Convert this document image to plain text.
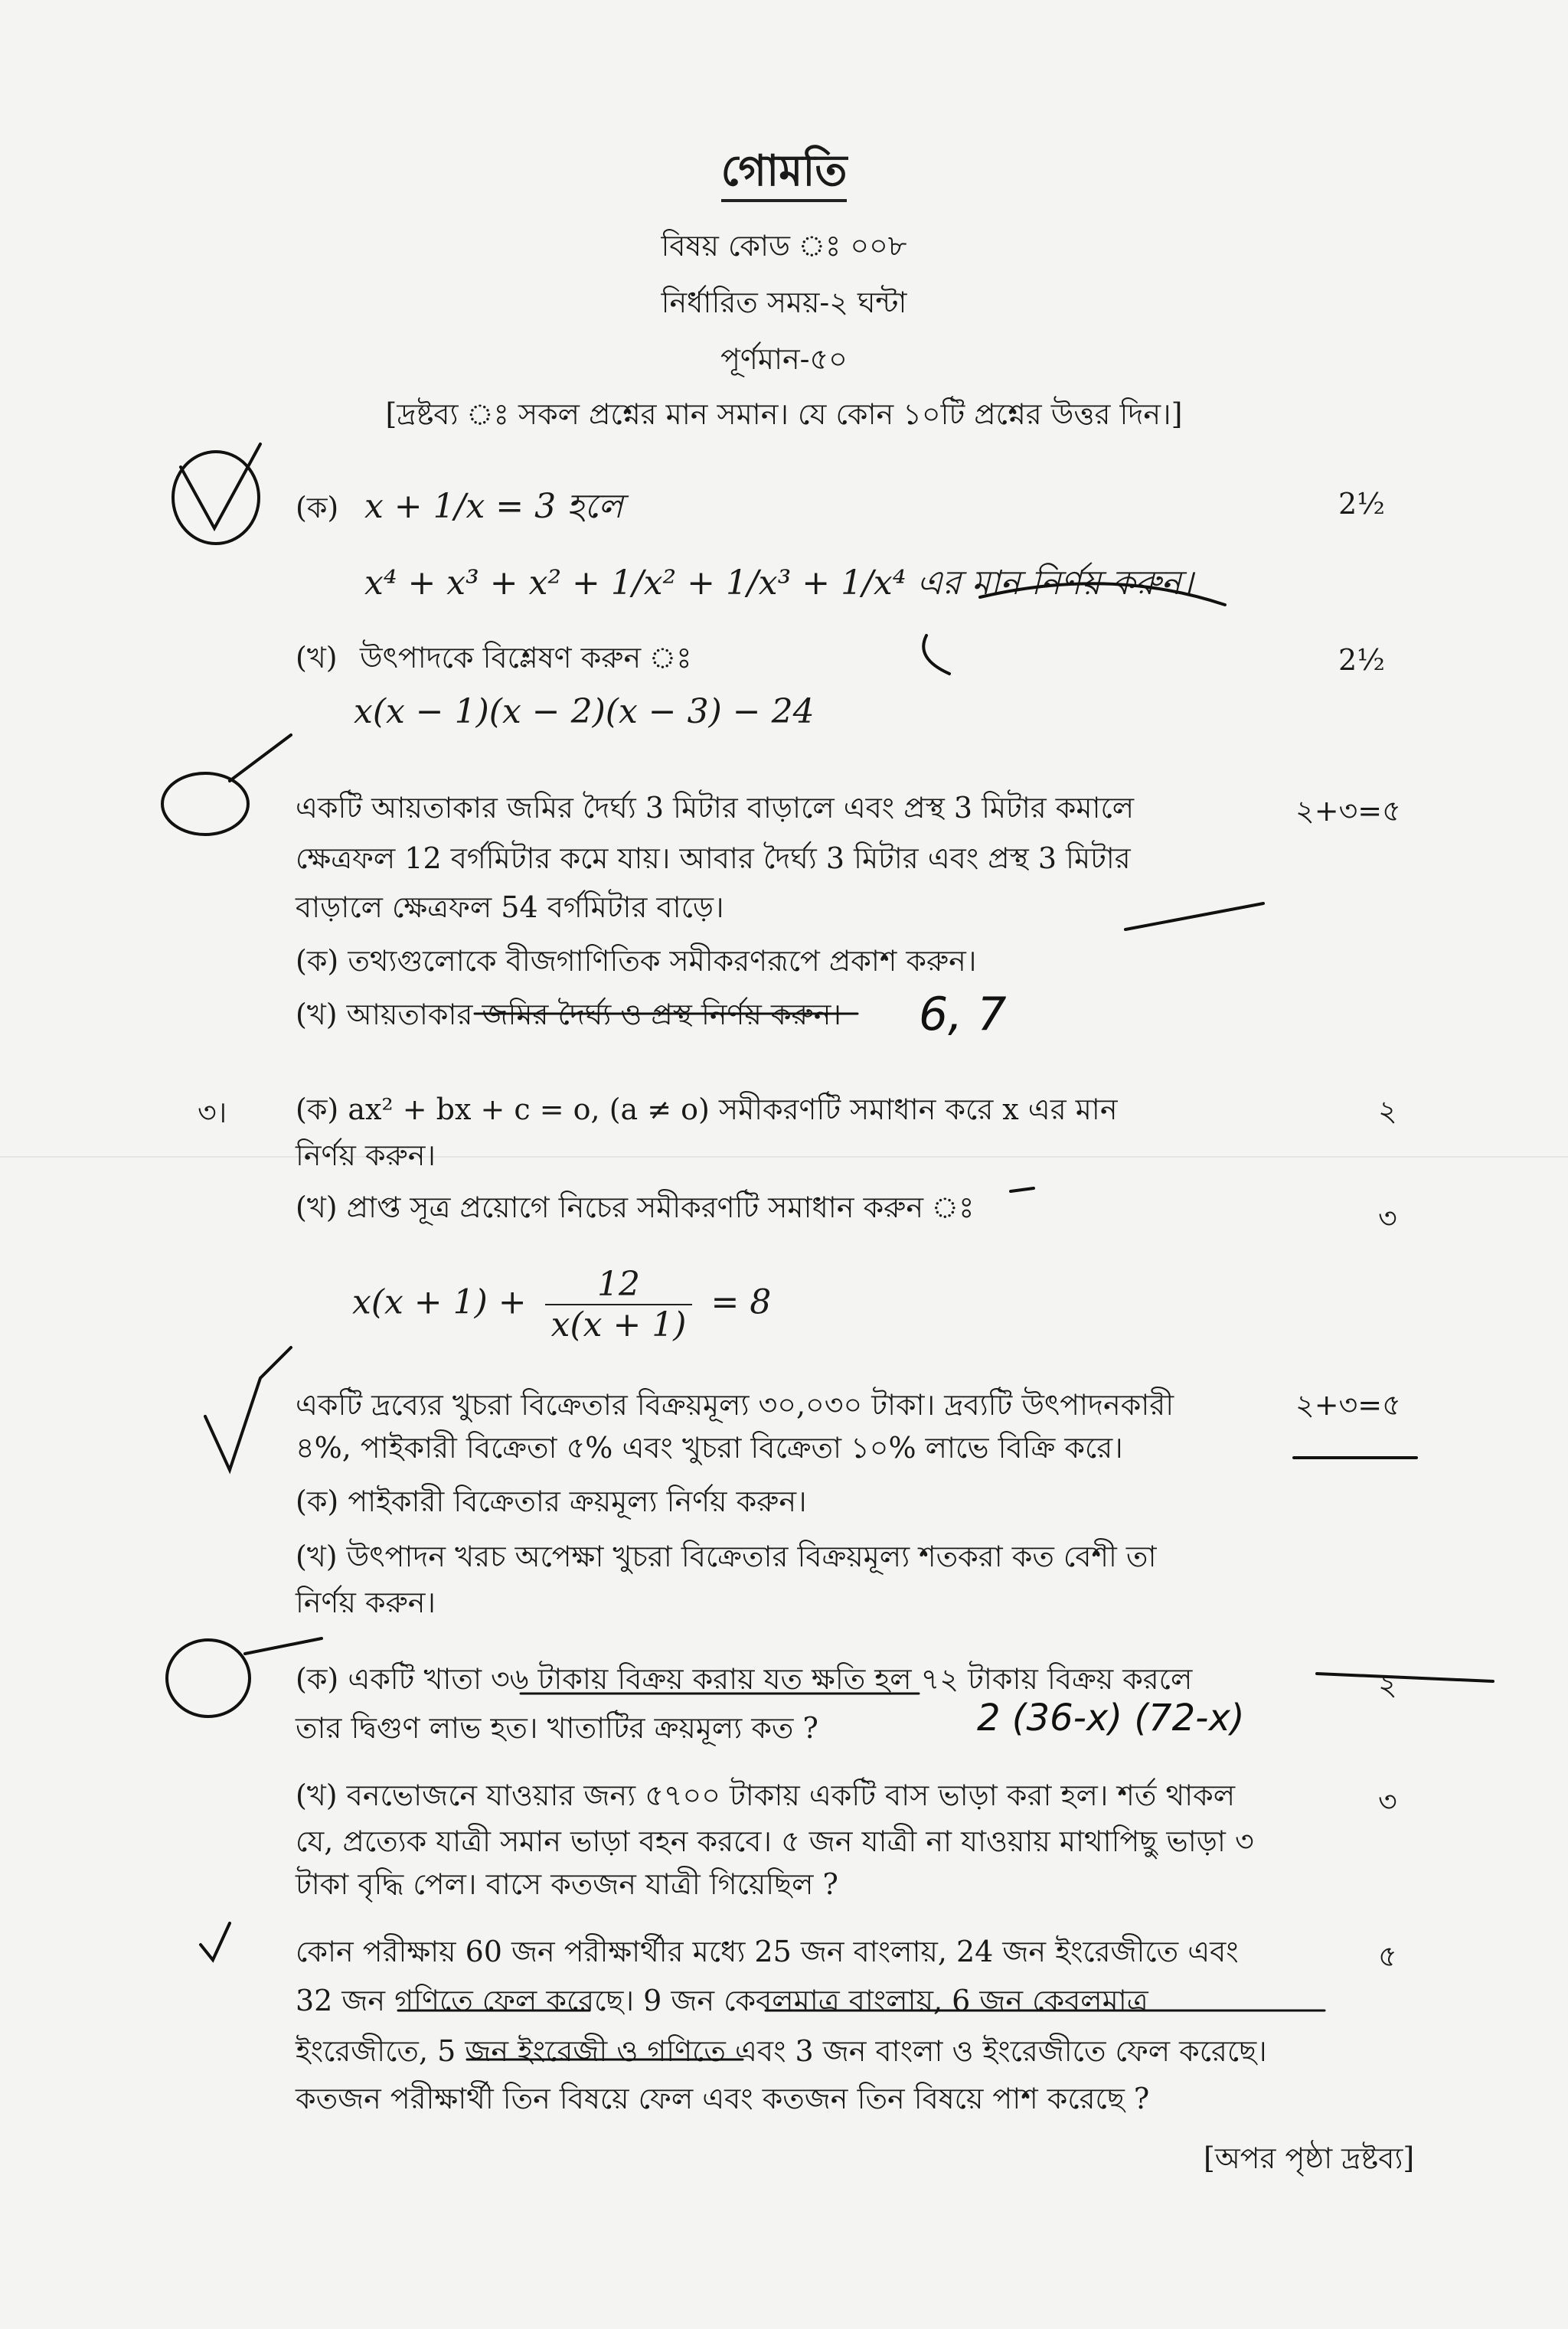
গোমতি
বিষয় কোড ঃ ০০৮
নির্ধারিত সময়-২ ঘন্টা
পূর্ণমান-৫০
[দ্রষ্টব্য ঃ সকল প্রশ্নের মান সমান। যে কোন ১০টি প্রশ্নের উত্তর দিন।]
(ক) x + 1/x = 3 হলে
x⁴ + x³ + x² + 1/x² + 1/x³ + 1/x⁴ এর মান নির্ণয় করুন।
2½
(খ) উৎপাদকে বিশ্লেষণ করুন ঃ
x(x − 1)(x − 2)(x − 3) − 24
2½
একটি আয়তাকার জমির দৈর্ঘ্য 3 মিটার বাড়ালে এবং প্রস্থ 3 মিটার কমালে
ক্ষেত্রফল 12 বর্গমিটার কমে যায়। আবার দৈর্ঘ্য 3 মিটার এবং প্রস্থ 3 মিটার
বাড়ালে ক্ষেত্রফল 54 বর্গমিটার বাড়ে।
২+৩=৫
(ক) তথ্যগুলোকে বীজগাণিতিক সমীকরণরূপে প্রকাশ করুন।
(খ) আয়তাকার জমির দৈর্ঘ্য ও প্রস্থ নির্ণয় করুন।
৩। (ক) ax² + bx + c = o, (a ≠ o) সমীকরণটি সমাধান করে x এর মান
নির্ণয় করুন।
২
(খ) প্রাপ্ত সূত্র প্রয়োগে নিচের সমীকরণটি সমাধান করুন ঃ	৩
$x(x + 1) + \frac{12}{x(x + 1)} = 8$
একটি দ্রব্যের খুচরা বিক্রেতার বিক্রয়মূল্য ৩০,০৩০ টাকা। দ্রব্যটি উৎপাদনকারী
৪%, পাইকারী বিক্রেতা ৫% এবং খুচরা বিক্রেতা ১০% লাভে বিক্রি করে।
২+৩=৫
(ক) পাইকারী বিক্রেতার ক্রয়মূল্য নির্ণয় করুন।
(খ) উৎপাদন খরচ অপেক্ষা খুচরা বিক্রেতার বিক্রয়মূল্য শতকরা কত বেশী তা
নির্ণয় করুন।
(ক) একটি খাতা ৩৬ টাকায় বিক্রয় করায় যত ক্ষতি হল ৭২ টাকায় বিক্রয় করলে
তার দ্বিগুণ লাভ হত। খাতাটির ক্রয়মূল্য কত ?
২
(খ) বনভোজনে যাওয়ার জন্য ৫৭০০ টাকায় একটি বাস ভাড়া করা হল। শর্ত থাকল
যে, প্রত্যেক যাত্রী সমান ভাড়া বহন করবে। ৫ জন যাত্রী না যাওয়ায় মাথাপিছু ভাড়া ৩
টাকা বৃদ্ধি পেল। বাসে কতজন যাত্রী গিয়েছিল ?
৩
কোন পরীক্ষায় 60 জন পরীক্ষার্থীর মধ্যে 25 জন বাংলায়, 24 জন ইংরেজীতে এবং
32 জন গণিতে ফেল করেছে। 9 জন কেবলমাত্র বাংলায়, 6 জন কেবলমাত্র
ইংরেজীতে, 5 জন ইংরেজী ও গণিতে এবং 3 জন বাংলা ও ইংরেজীতে ফেল করেছে।
কতজন পরীক্ষার্থী তিন বিষয়ে ফেল এবং কতজন তিন বিষয়ে পাশ করেছে ?
৫
[অপর পৃষ্ঠা দ্রষ্টব্য]
6, 7
2 (36-x) (72-x)
